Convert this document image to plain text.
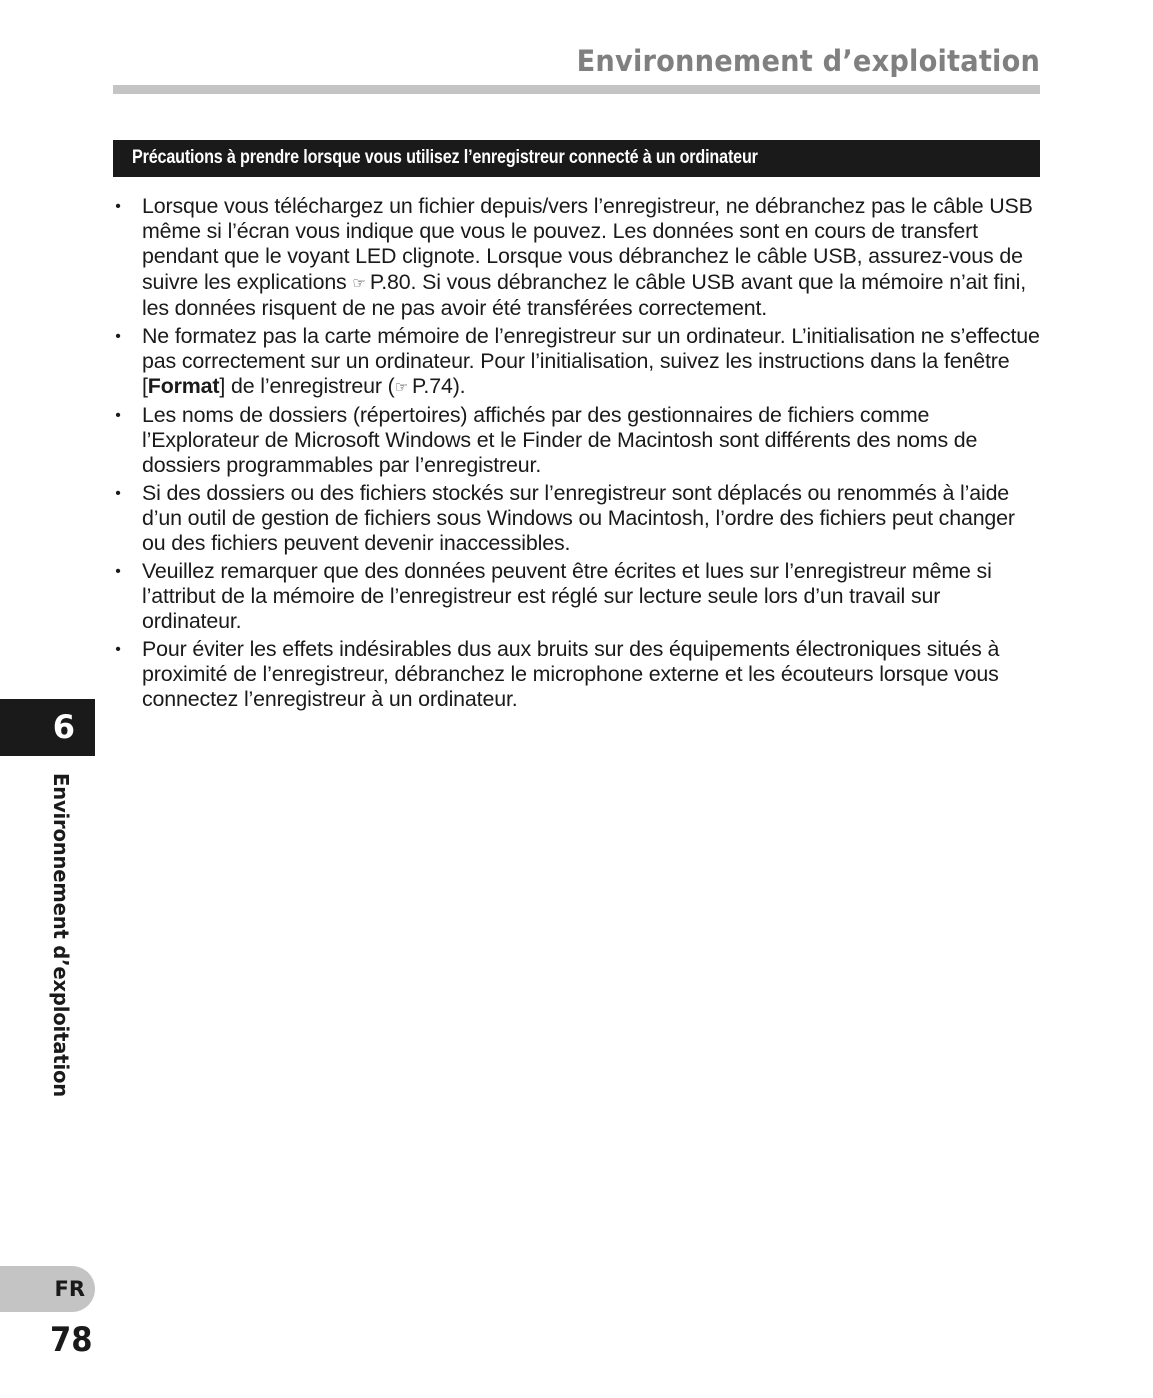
Environnement d’exploitation
Précautions à prendre lorsque vous utilisez l’enregistreur connecté à un ordinateur
• Lorsque vous téléchargez un fichier depuis/vers l’enregistreur, ne débranchez pas le câble USB même si l’écran vous indique que vous le pouvez. Les données sont en cours de transfert pendant que le voyant LED clignote. Lorsque vous débranchez le câble USB, assurez-vous de suivre les explications ☞  P.80. Si vous débranchez le câble USB avant que la mémoire n’ait fini, les données risquent de ne pas avoir été transférées correctement.
• Ne formatez pas la carte mémoire de l’enregistreur sur un ordinateur. L’initialisation ne s’effectue pas correctement sur un ordinateur. Pour l’initialisation, suivez les instructions dans la fenêtre [Format] de l’enregistreur (☞  P.74).
• Les noms de dossiers (répertoires) affichés par des gestionnaires de fichiers comme l’Explorateur de Microsoft Windows et le Finder de Macintosh sont différents des noms de dossiers programmables par l’enregistreur.
• Si des dossiers ou des fichiers stockés sur l’enregistreur sont déplacés ou renommés à l’aide d’un outil de gestion de fichiers sous Windows ou Macintosh, l’ordre des fichiers peut changer ou des fichiers peuvent devenir inaccessibles.
• Veuillez remarquer que des données peuvent être écrites et lues sur l’enregistreur même si l’attribut de la mémoire de l’enregistreur est réglé sur lecture seule lors d’un travail sur ordinateur.
• Pour éviter les effets indésirables dus aux bruits sur des équipements électroniques situés à proximité de l’enregistreur, débranchez le microphone externe et les écouteurs lorsque vous connectez l’enregistreur à un ordinateur.
6
Environnement d’exploitation
FR
78
